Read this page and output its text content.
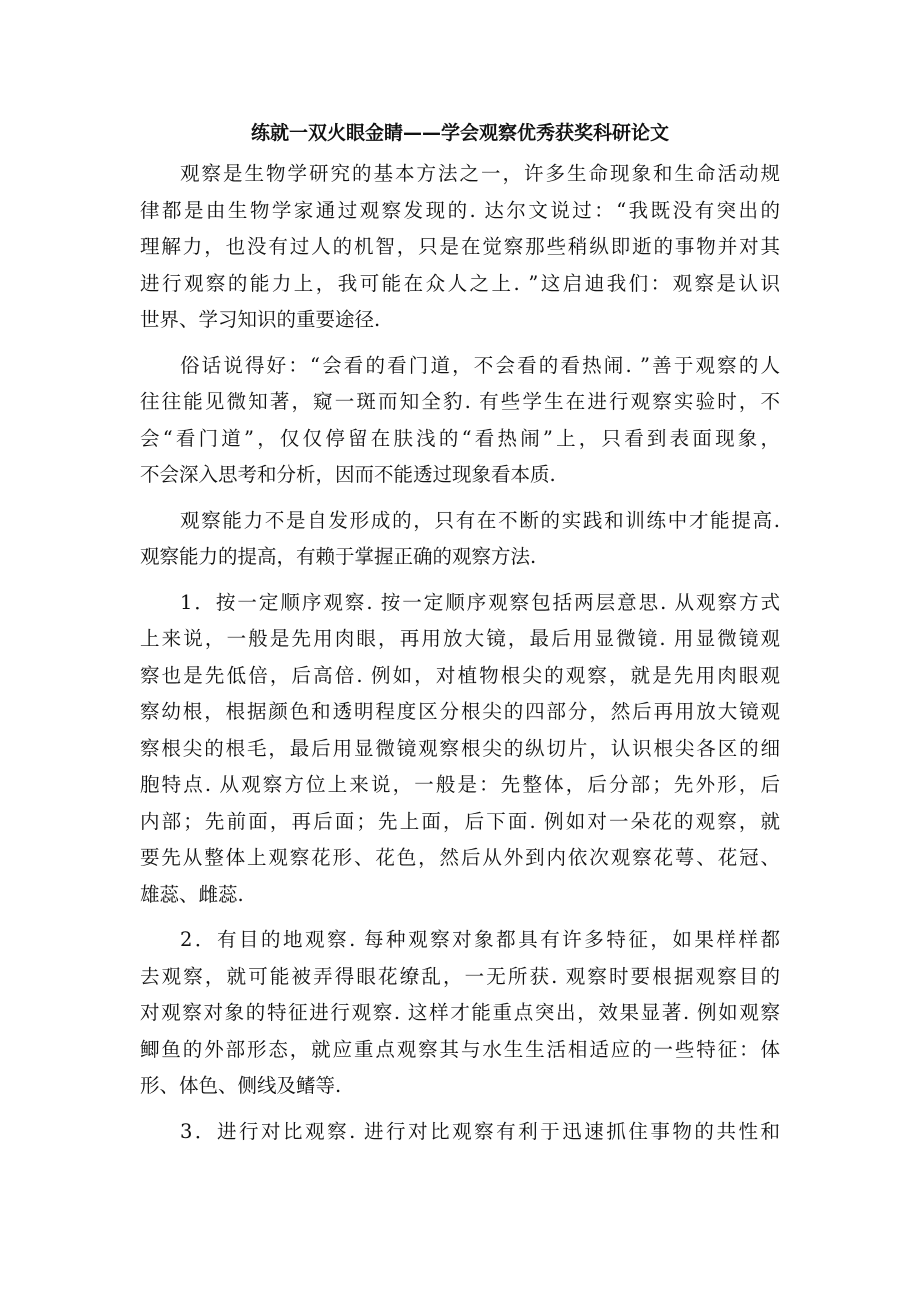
练就一双火眼金睛——学会观察优秀获奖科研论文
观察是生物学研究的基本方法之一，许多生命现象和生命活动规
律都是由生物学家通过观察发现的. 达尔文说过：“我既没有突出的
理解力，也没有过人的机智，只是在觉察那些稍纵即逝的事物并对其
进行观察的能力上，我可能在众人之上. ”这启迪我们：观察是认识
世界、学习知识的重要途径.
俗话说得好：“会看的看门道，不会看的看热闹. ”善于观察的人
往往能见微知著，窥一斑而知全豹. 有些学生在进行观察实验时，不
会“看门道”，仅仅停留在肤浅的“看热闹”上，只看到表面现象，
不会深入思考和分析，因而不能透过现象看本质.
观察能力不是自发形成的，只有在不断的实践和训练中才能提高.
观察能力的提高，有赖于掌握正确的观察方法.
1．按一定顺序观察. 按一定顺序观察包括两层意思. 从观察方式
上来说，一般是先用肉眼，再用放大镜，最后用显微镜. 用显微镜观
察也是先低倍，后高倍. 例如，对植物根尖的观察，就是先用肉眼观
察幼根，根据颜色和透明程度区分根尖的四部分，然后再用放大镜观
察根尖的根毛，最后用显微镜观察根尖的纵切片，认识根尖各区的细
胞特点. 从观察方位上来说，一般是：先整体，后分部；先外形，后
内部；先前面，再后面；先上面，后下面. 例如对一朵花的观察，就
要先从整体上观察花形、花色，然后从外到内依次观察花萼、花冠、
雄蕊、雌蕊.
2．有目的地观察. 每种观察对象都具有许多特征，如果样样都
去观察，就可能被弄得眼花缭乱，一无所获. 观察时要根据观察目的
对观察对象的特征进行观察. 这样才能重点突出，效果显著. 例如观察
鲫鱼的外部形态，就应重点观察其与水生生活相适应的一些特征：体
形、体色、侧线及鳍等.
3．进行对比观察. 进行对比观察有利于迅速抓住事物的共性和
